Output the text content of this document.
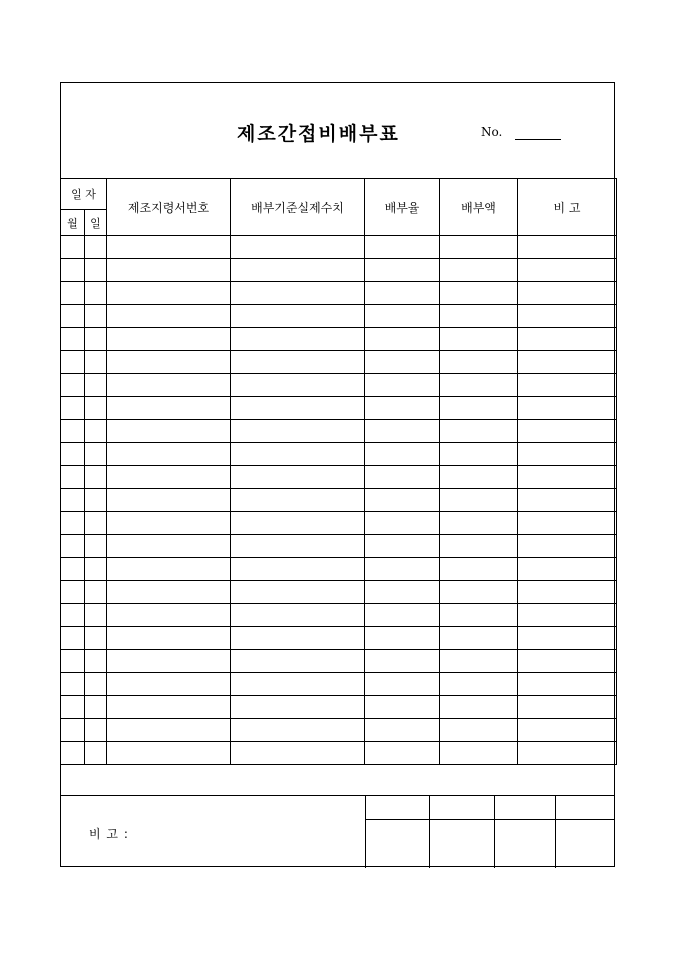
제조간접비배부표	No.
일 자		제조지령서번호	배부기준실제수치	배부율	배부액	비 고
월	일					

비 고 :
